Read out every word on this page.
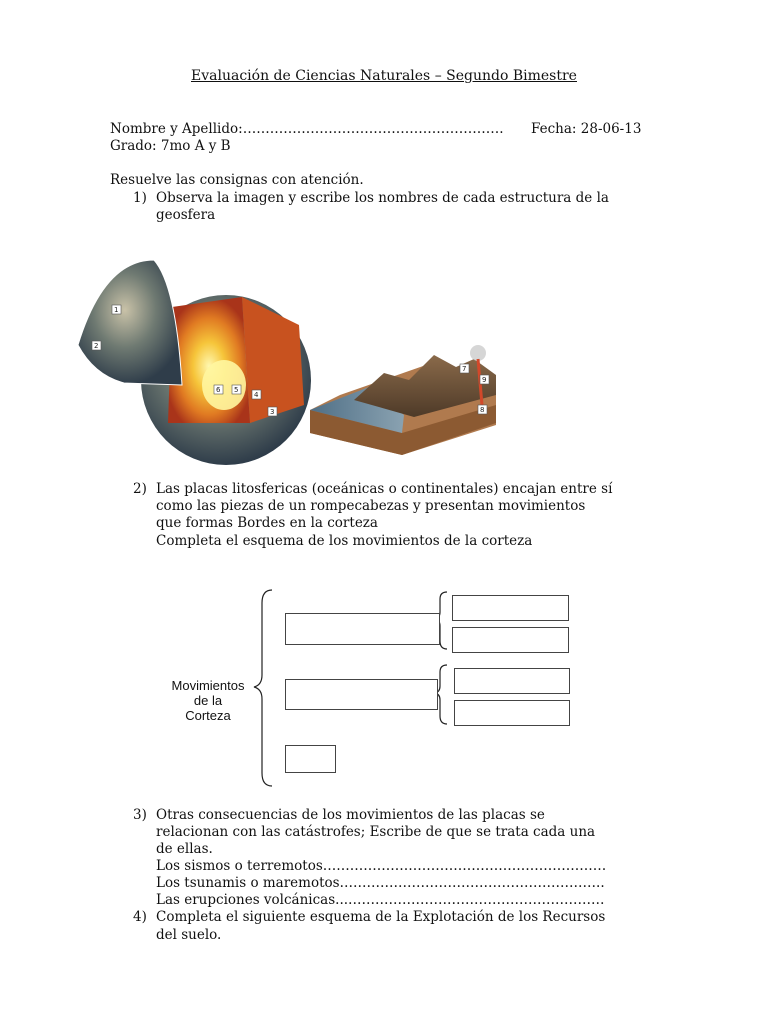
Evaluación de Ciencias Naturales – Segundo Bimestre
Nombre y Apellido:…………………………………………………. Fecha: 28-06-13
Grado: 7mo A y B
Resuelve las consignas con atención.
1) Observa la imagen y escribe los nombres de cada estructura de la
geosfera
1
2
3
4
5
6
7
8
9
2) Las placas litosfericas (oceánicas o continentales) encajan entre sí
como las piezas de un rompecabezas y presentan movimientos
que formas Bordes en la corteza
Completa el esquema de los movimientos de la corteza
Movimientos
de la
Corteza
3) Otras consecuencias de los movimientos de las placas se
relacionan con las catástrofes; Escribe de que se trata cada una
de ellas.
Los sismos o terremotos………………………………………………………
Los tsunamis o maremotos…………………………………………………..
Las erupciones volcánicas...…………………………………………………
4) Completa el siguiente esquema de la Explotación de los Recursos
del suelo.
